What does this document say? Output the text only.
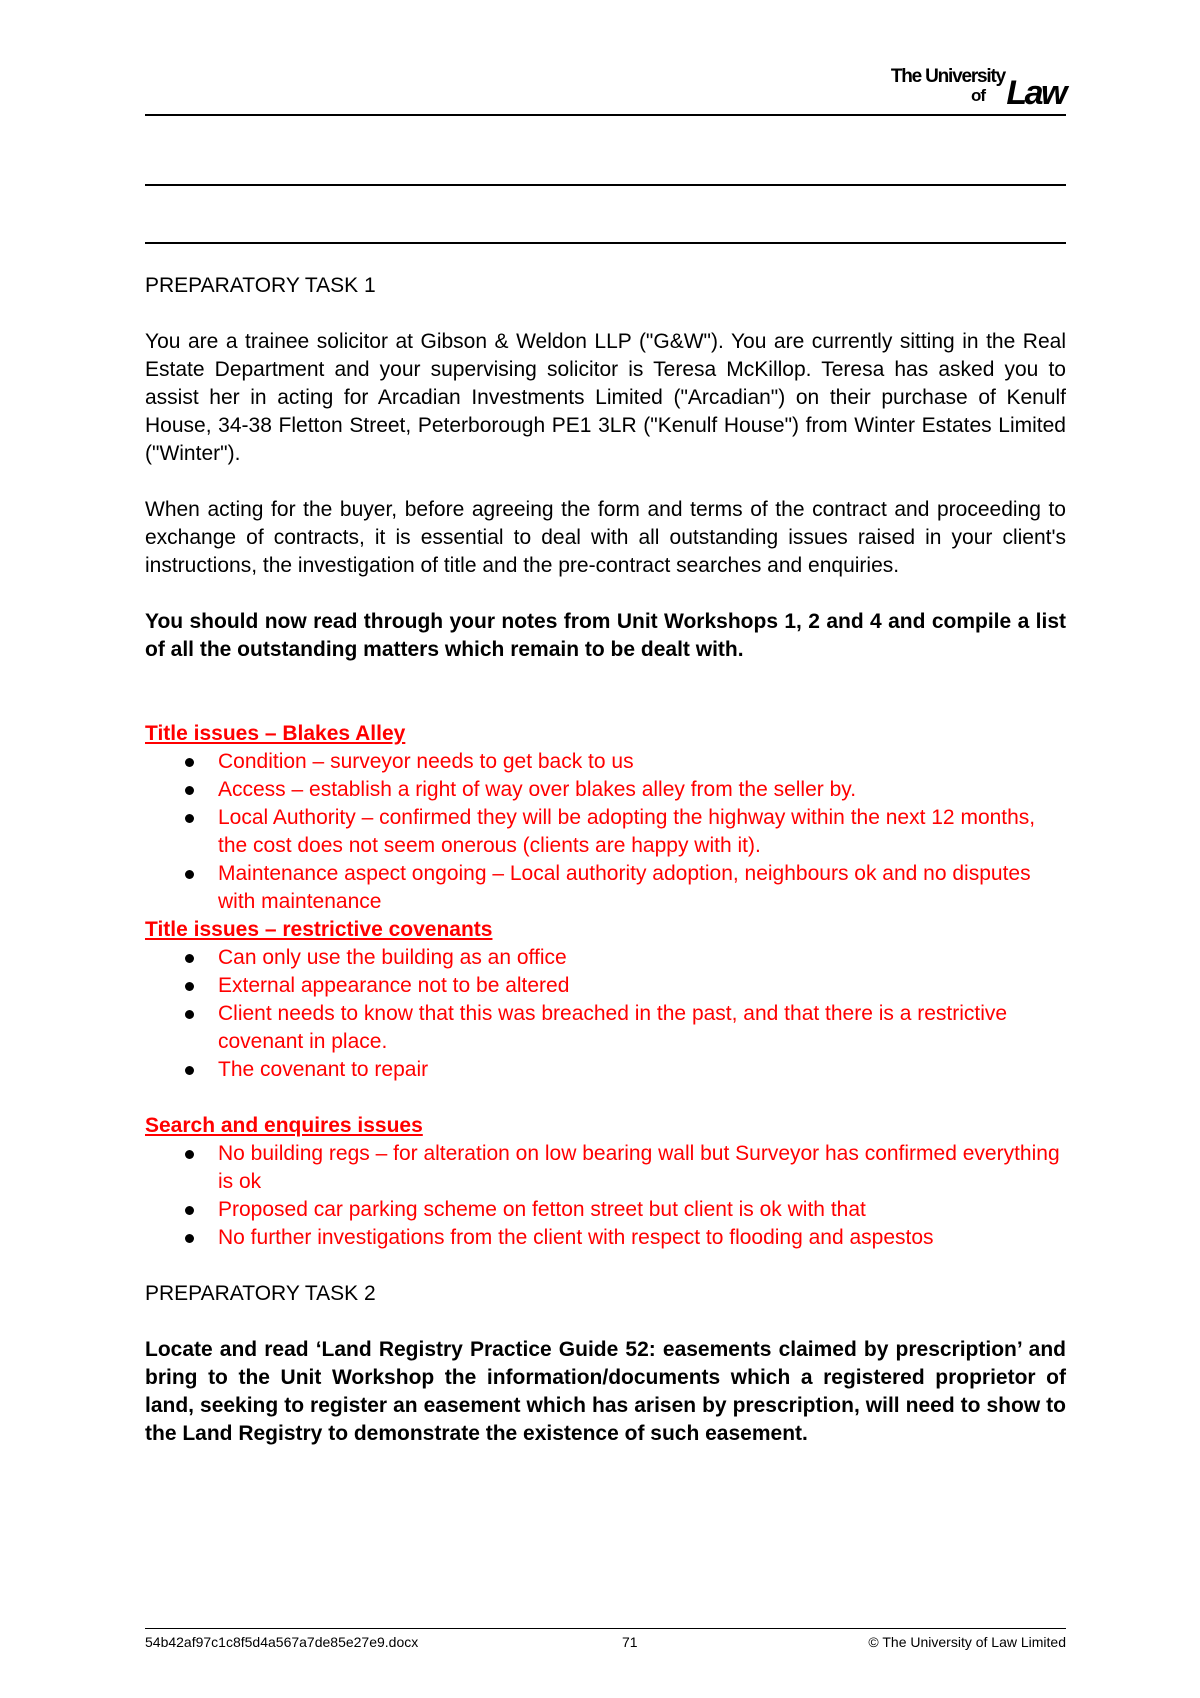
The University
of Law

PREPARATORY TASK 1

You are a trainee solicitor at Gibson & Weldon LLP ("G&W"). You are currently sitting in the Real Estate Department and your supervising solicitor is Teresa McKillop. Teresa has asked you to assist her in acting for Arcadian Investments Limited ("Arcadian") on their purchase of Kenulf House, 34-38 Fletton Street, Peterborough PE1 3LR ("Kenulf House") from Winter Estates Limited ("Winter").

When acting for the buyer, before agreeing the form and terms of the contract and proceeding to exchange of contracts, it is essential to deal with all outstanding issues raised in your client's instructions, the investigation of title and the pre-contract searches and enquiries.

You should now read through your notes from Unit Workshops 1, 2 and 4 and compile a list of all the outstanding matters which remain to be dealt with.

Title issues – Blakes Alley

Condition – surveyor needs to get back to us
Access – establish a right of way over blakes alley from the seller by.
Local Authority – confirmed they will be adopting the highway within the next 12 months, the cost does not seem onerous (clients are happy with it).
Maintenance aspect ongoing – Local authority adoption, neighbours ok and no disputes with maintenance

Title issues – restrictive covenants

Can only use the building as an office
External appearance not to be altered
Client needs to know that this was breached in the past, and that there is a restrictive covenant in place.
The covenant to repair

Search and enquires issues

No building regs – for alteration on low bearing wall but Surveyor has confirmed everything is ok
Proposed car parking scheme on fetton street but client is ok with that
No further investigations from the client with respect to flooding and aspestos

PREPARATORY TASK 2

Locate and read ‘Land Registry Practice Guide 52: easements claimed by prescription’ and bring to the Unit Workshop the information/documents which a registered proprietor of land, seeking to register an easement which has arisen by prescription, will need to show to the Land Registry to demonstrate the existence of such easement.

54b42af97c1c8f5d4a567a7de85e27e9.docx	71	© The University of Law Limited
